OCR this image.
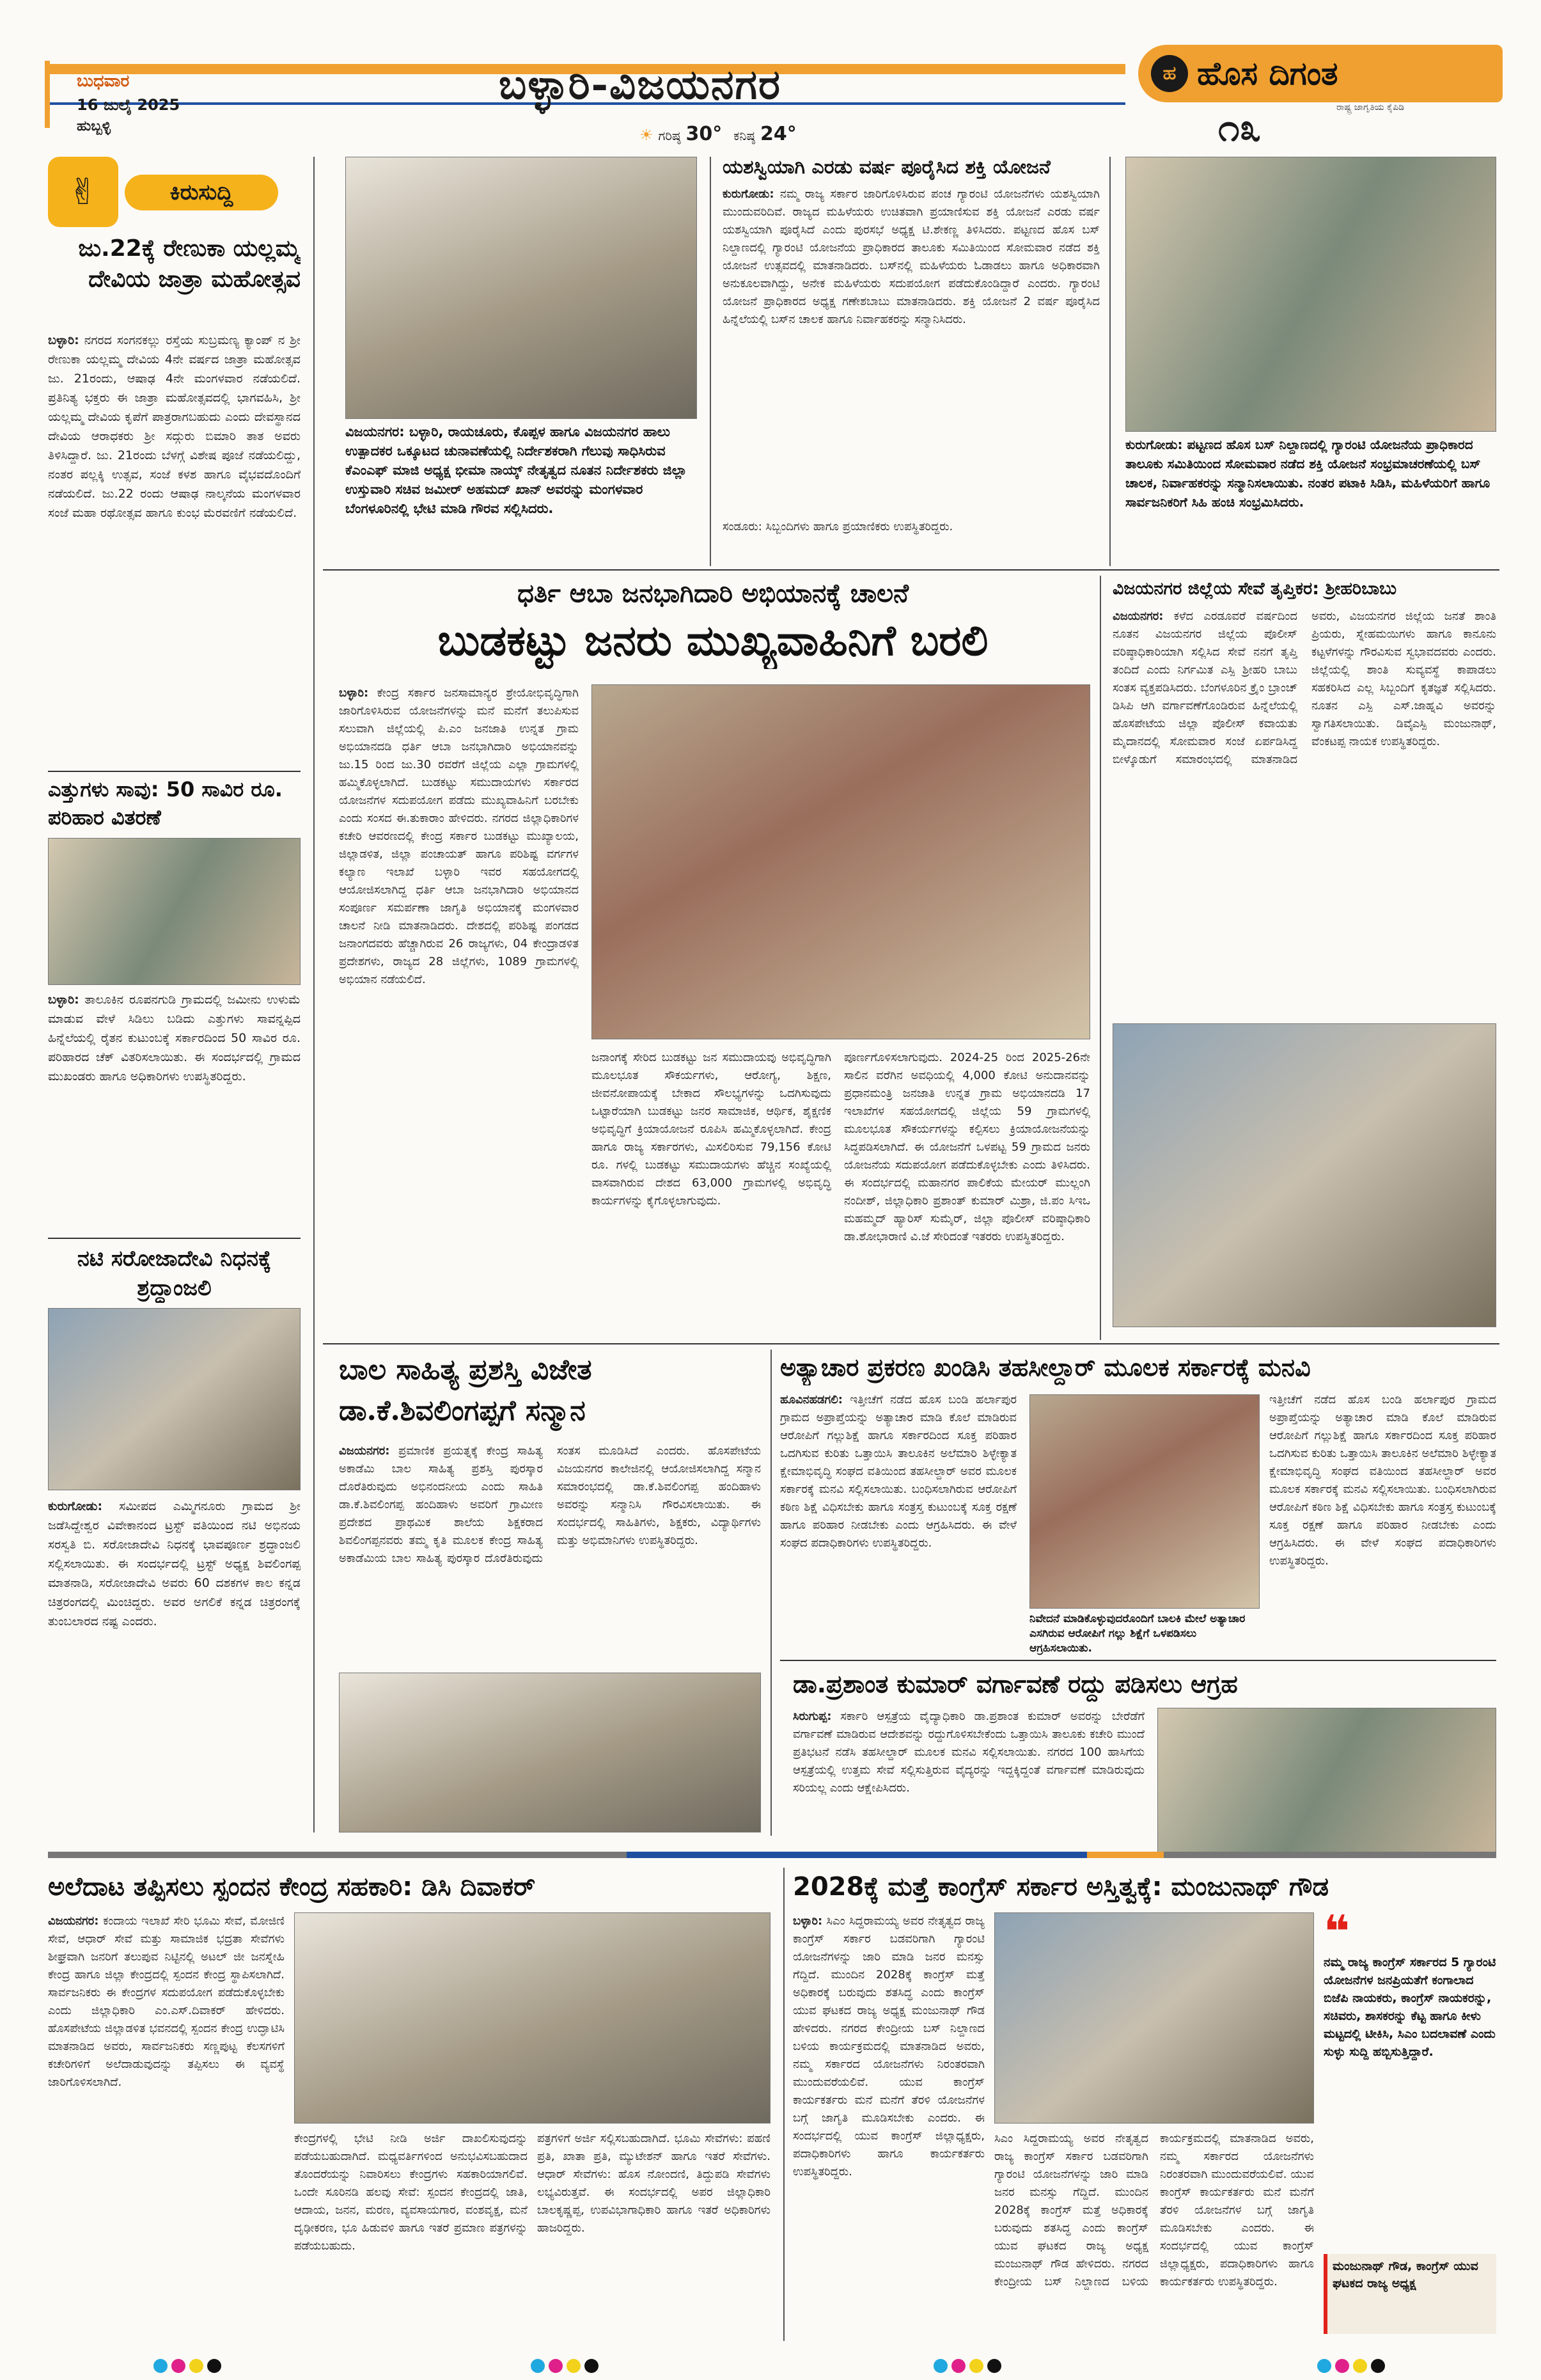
ಬುಧವಾರ
16 ಜುಲೈ 2025
ಹುಬ್ಬಳ್ಳಿ
ಬಳ್ಳಾರಿ-ವಿಜಯನಗರ
☀ ಗರಿಷ್ಠ 30° ಕನಿಷ್ಠ 24°
ಹ ಹೊಸ ದಿಗಂತ
ರಾಷ್ಟ್ರ ಜಾಗೃತಿಯ ಕೈಪಿಡಿ
೧೩
✌	ಕಿರುಸುದ್ದಿ
ಜು.22ಕ್ಕೆ ರೇಣುಕಾ ಯಲ್ಲಮ್ಮ ದೇವಿಯ ಜಾತ್ರಾ ಮಹೋತ್ಸವ
ಬಳ್ಳಾರಿ: ನಗರದ ಸಂಗನಕಲ್ಲು ರಸ್ತೆಯ ಸುಬ್ರಮಣ್ಯ ಕ್ಯಾಂಪ್ ನ ಶ್ರೀ ರೇಣುಕಾ ಯಲ್ಲಮ್ಮ ದೇವಿಯ 4ನೇ ವರ್ಷದ ಜಾತ್ರಾ ಮಹೋತ್ಸವ ಜು. 21ರಂದು, ಆಷಾಢ 4ನೇ ಮಂಗಳವಾರ ನಡೆಯಲಿದೆ. ಪ್ರತಿನಿತ್ಯ ಭಕ್ತರು ಈ ಜಾತ್ರಾ ಮಹೋತ್ಸವದಲ್ಲಿ ಭಾಗವಹಿಸಿ, ಶ್ರೀ ಯಲ್ಲಮ್ಮ ದೇವಿಯ ಕೃಪೆಗೆ ಪಾತ್ರರಾಗಬಹುದು ಎಂದು ದೇವಸ್ಥಾನದ ದೇವಿಯ ಆರಾಧಕರು ಶ್ರೀ ಸದ್ಗುರು ಬಿಮಾರಿ ತಾತ ಅವರು ತಿಳಿಸಿದ್ದಾರೆ. ಜು. 21ರಂದು ಬೆಳಗ್ಗೆ ವಿಶೇಷ ಪೂಜೆ ನಡೆಯಲಿದ್ದು, ನಂತರ ಪಲ್ಲಕ್ಕಿ ಉತ್ಸವ, ಸಂಜೆ ಕಳಶ ಹಾಗೂ ವೈಭವದೊಂದಿಗೆ ನಡೆಯಲಿದೆ. ಜು.22 ರಂದು ಆಷಾಢ ನಾಲ್ಕನೆಯ ಮಂಗಳವಾರ ಸಂಜೆ ಮಹಾ ರಥೋತ್ಸವ ಹಾಗೂ ಕುಂಭ ಮೆರವಣಿಗೆ ನಡೆಯಲಿದೆ.
ಎತ್ತುಗಳು ಸಾವು: 50 ಸಾವಿರ ರೂ. ಪರಿಹಾರ ವಿತರಣೆ
ಬಳ್ಳಾರಿ: ತಾಲೂಕಿನ ರೂಪನಗುಡಿ ಗ್ರಾಮದಲ್ಲಿ ಜಮೀನು ಉಳುಮೆ ಮಾಡುವ ವೇಳೆ ಸಿಡಿಲು ಬಡಿದು ಎತ್ತುಗಳು ಸಾವನ್ನಪ್ಪಿದ ಹಿನ್ನೆಲೆಯಲ್ಲಿ ರೈತನ ಕುಟುಂಬಕ್ಕೆ ಸರ್ಕಾರದಿಂದ 50 ಸಾವಿರ ರೂ. ಪರಿಹಾರದ ಚೆಕ್ ವಿತರಿಸಲಾಯಿತು. ಈ ಸಂದರ್ಭದಲ್ಲಿ ಗ್ರಾಮದ ಮುಖಂಡರು ಹಾಗೂ ಅಧಿಕಾರಿಗಳು ಉಪಸ್ಥಿತರಿದ್ದರು.
ನಟಿ ಸರೋಜಾದೇವಿ ನಿಧನಕ್ಕೆ ಶ್ರದ್ಧಾಂಜಲಿ
ಕುರುಗೋಡು: ಸಮೀಪದ ಎಮ್ಮಿಗನೂರು ಗ್ರಾಮದ ಶ್ರೀ ಜಡೆಸಿದ್ದೇಶ್ವರ ವಿವೇಕಾನಂದ ಟ್ರಸ್ಟ್ ವತಿಯಿಂದ ನಟಿ ಅಭಿನಯ ಸರಸ್ವತಿ ಬಿ. ಸರೋಜಾದೇವಿ ನಿಧನಕ್ಕೆ ಭಾವಪೂರ್ಣ ಶ್ರದ್ಧಾಂಜಲಿ ಸಲ್ಲಿಸಲಾಯಿತು. ಈ ಸಂದರ್ಭದಲ್ಲಿ ಟ್ರಸ್ಟ್ ಅಧ್ಯಕ್ಷ ಶಿವಲಿಂಗಪ್ಪ ಮಾತನಾಡಿ, ಸರೋಜಾದೇವಿ ಅವರು 60 ದಶಕಗಳ ಕಾಲ ಕನ್ನಡ ಚಿತ್ರರಂಗದಲ್ಲಿ ಮಿಂಚಿದ್ದರು. ಅವರ ಅಗಲಿಕೆ ಕನ್ನಡ ಚಿತ್ರರಂಗಕ್ಕೆ ತುಂಬಲಾರದ ನಷ್ಟ ಎಂದರು.
ವಿಜಯನಗರ: ಬಳ್ಳಾರಿ, ರಾಯಚೂರು, ಕೊಪ್ಪಳ ಹಾಗೂ ವಿಜಯನಗರ ಹಾಲು ಉತ್ಪಾದಕರ ಒಕ್ಕೂಟದ ಚುನಾವಣೆಯಲ್ಲಿ ನಿರ್ದೇಶಕರಾಗಿ ಗೆಲುವು ಸಾಧಿಸಿರುವ ಕೆಎಂಎಫ್ ಮಾಜಿ ಅಧ್ಯಕ್ಷ ಭೀಮಾ ನಾಯ್ಕ್ ನೇತೃತ್ವದ ನೂತನ ನಿರ್ದೇಶಕರು ಜಿಲ್ಲಾ ಉಸ್ತುವಾರಿ ಸಚಿವ ಜಮೀರ್ ಅಹಮದ್ ಖಾನ್ ಅವರನ್ನು ಮಂಗಳವಾರ ಬೆಂಗಳೂರಿನಲ್ಲಿ ಭೇಟಿ ಮಾಡಿ ಗೌರವ ಸಲ್ಲಿಸಿದರು.
ಯಶಸ್ವಿಯಾಗಿ ಎರಡು ವರ್ಷ ಪೂರೈಸಿದ ಶಕ್ತಿ ಯೋಜನೆ
ಕುರುಗೋಡು: ನಮ್ಮ ರಾಜ್ಯ ಸರ್ಕಾರ ಜಾರಿಗೊಳಿಸಿರುವ ಪಂಚ ಗ್ಯಾರಂಟಿ ಯೋಜನೆಗಳು ಯಶಸ್ವಿಯಾಗಿ ಮುಂದುವರಿದಿವೆ. ರಾಜ್ಯದ ಮಹಿಳೆಯರು ಉಚಿತವಾಗಿ ಪ್ರಯಾಣಿಸುವ ಶಕ್ತಿ ಯೋಜನೆ ಎರಡು ವರ್ಷ ಯಶಸ್ವಿಯಾಗಿ ಪೂರೈಸಿದೆ ಎಂದು ಪುರಸಭೆ ಅಧ್ಯಕ್ಷ ಟಿ.ಶೇಕಣ್ಣ ತಿಳಿಸಿದರು. ಪಟ್ಟಣದ ಹೊಸ ಬಸ್ ನಿಲ್ದಾಣದಲ್ಲಿ ಗ್ಯಾರಂಟಿ ಯೋಜನೆಯ ಪ್ರಾಧಿಕಾರದ ತಾಲೂಕು ಸಮಿತಿಯಿಂದ ಸೋಮವಾರ ನಡೆದ ಶಕ್ತಿ ಯೋಜನೆ ಉತ್ಸವದಲ್ಲಿ ಮಾತನಾಡಿದರು. ಬಸ್‌ನಲ್ಲಿ ಮಹಿಳೆಯರು ಓಡಾಡಲು ಹಾಗೂ ಅಧಿಕಾರವಾಗಿ ಅನುಕೂಲವಾಗಿದ್ದು, ಅನೇಕ ಮಹಿಳೆಯರು ಸದುಪಯೋಗ ಪಡೆದುಕೊಂಡಿದ್ದಾರೆ ಎಂದರು. ಗ್ಯಾರಂಟಿ ಯೋಜನೆ ಪ್ರಾಧಿಕಾರದ ಅಧ್ಯಕ್ಷ ಗಣೇಶಬಾಬು ಮಾತನಾಡಿದರು. ಶಕ್ತಿ ಯೋಜನೆ 2 ವರ್ಷ ಪೂರೈಸಿದ ಹಿನ್ನೆಲೆಯಲ್ಲಿ ಬಸ್‌ನ ಚಾಲಕ ಹಾಗೂ ನಿರ್ವಾಹಕರನ್ನು ಸನ್ಮಾನಿಸಿದರು.
ಸಂಡೂರು: ಸಿಬ್ಬಂದಿಗಳು ಹಾಗೂ ಪ್ರಯಾಣಿಕರು ಉಪಸ್ಥಿತರಿದ್ದರು.
ಕುರುಗೋಡು: ಪಟ್ಟಣದ ಹೊಸ ಬಸ್ ನಿಲ್ದಾಣದಲ್ಲಿ ಗ್ಯಾರಂಟಿ ಯೋಜನೆಯ ಪ್ರಾಧಿಕಾರದ ತಾಲೂಕು ಸಮಿತಿಯಿಂದ ಸೋಮವಾರ ನಡೆದ ಶಕ್ತಿ ಯೋಜನೆ ಸಂಭ್ರಮಾಚರಣೆಯಲ್ಲಿ ಬಸ್ ಚಾಲಕ, ನಿರ್ವಾಹಕರನ್ನು ಸನ್ಮಾನಿಸಲಾಯಿತು. ನಂತರ ಪಟಾಕಿ ಸಿಡಿಸಿ, ಮಹಿಳೆಯರಿಗೆ ಹಾಗೂ ಸಾರ್ವಜನಿಕರಿಗೆ ಸಿಹಿ ಹಂಚಿ ಸಂಭ್ರಮಿಸಿದರು.
ಧರ್ತಿ ಆಬಾ ಜನಭಾಗಿದಾರಿ ಅಭಿಯಾನಕ್ಕೆ ಚಾಲನೆ
ಬುಡಕಟ್ಟು ಜನರು ಮುಖ್ಯವಾಹಿನಿಗೆ ಬರಲಿ
ಬಳ್ಳಾರಿ: ಕೇಂದ್ರ ಸರ್ಕಾರ ಜನಸಾಮಾನ್ಯರ ಶ್ರೇಯೋಭಿವೃದ್ಧಿಗಾಗಿ ಜಾರಿಗೊಳಿಸಿರುವ ಯೋಜನೆಗಳನ್ನು ಮನೆ ಮನೆಗೆ ತಲುಪಿಸುವ ಸಲುವಾಗಿ ಜಿಲ್ಲೆಯಲ್ಲಿ ಪಿ.ಎಂ ಜನಜಾತಿ ಉನ್ನತ ಗ್ರಾಮ ಅಭಿಯಾನದಡಿ ಧರ್ತಿ ಆಬಾ ಜನಭಾಗಿದಾರಿ ಅಭಿಯಾನವನ್ನು ಜು.15 ರಿಂದ ಜು.30 ರವರೆಗೆ ಜಿಲ್ಲೆಯ ಎಲ್ಲಾ ಗ್ರಾಮಗಳಲ್ಲಿ ಹಮ್ಮಿಕೊಳ್ಳಲಾಗಿದೆ. ಬುಡಕಟ್ಟು ಸಮುದಾಯಗಳು ಸರ್ಕಾರದ ಯೋಜನೆಗಳ ಸದುಪಯೋಗ ಪಡೆದು ಮುಖ್ಯವಾಹಿನಿಗೆ ಬರಬೇಕು ಎಂದು ಸಂಸದ ಈ.ತುಕಾರಾಂ ಹೇಳಿದರು. ನಗರದ ಜಿಲ್ಲಾಧಿಕಾರಿಗಳ ಕಚೇರಿ ಆವರಣದಲ್ಲಿ ಕೇಂದ್ರ ಸರ್ಕಾರ ಬುಡಕಟ್ಟು ಮುಖ್ಯಾಲಯ, ಜಿಲ್ಲಾಡಳಿತ, ಜಿಲ್ಲಾ ಪಂಚಾಯತ್ ಹಾಗೂ ಪರಿಶಿಷ್ಟ ವರ್ಗಗಳ ಕಲ್ಯಾಣ ಇಲಾಖೆ ಬಳ್ಳಾರಿ ಇವರ ಸಹಯೋಗದಲ್ಲಿ ಆಯೋಜಿಸಲಾಗಿದ್ದ ಧರ್ತಿ ಆಬಾ ಜನಭಾಗಿದಾರಿ ಅಭಿಯಾನದ ಸಂಪೂರ್ಣ ಸಮರ್ಪಣಾ ಜಾಗೃತಿ ಅಭಿಯಾನಕ್ಕೆ ಮಂಗಳವಾರ ಚಾಲನೆ ನೀಡಿ ಮಾತನಾಡಿದರು. ದೇಶದಲ್ಲಿ ಪರಿಶಿಷ್ಟ ಪಂಗಡದ ಜನಾಂಗದವರು ಹೆಚ್ಚಾಗಿರುವ 26 ರಾಜ್ಯಗಳು, 04 ಕೇಂದ್ರಾಡಳಿತ ಪ್ರದೇಶಗಳು, ರಾಜ್ಯದ 28 ಜಿಲ್ಲೆಗಳು, 1089 ಗ್ರಾಮಗಳಲ್ಲಿ ಅಭಿಯಾನ ನಡೆಯಲಿದೆ.
ಜನಾಂಗಕ್ಕೆ ಸೇರಿದ ಬುಡಕಟ್ಟು ಜನ ಸಮುದಾಯವು ಅಭಿವೃದ್ಧಿಗಾಗಿ ಮೂಲಭೂತ ಸೌಕರ್ಯಗಳು, ಆರೋಗ್ಯ, ಶಿಕ್ಷಣ, ಜೀವನೋಪಾಯಕ್ಕೆ ಬೇಕಾದ ಸೌಲಭ್ಯಗಳನ್ನು ಒದಗಿಸುವುದು ಒಟ್ಟಾರೆಯಾಗಿ ಬುಡಕಟ್ಟು ಜನರ ಸಾಮಾಜಿಕ, ಆರ್ಥಿಕ, ಶೈಕ್ಷಣಿಕ ಅಭಿವೃದ್ಧಿಗೆ ಕ್ರಿಯಾಯೋಜನೆ ರೂಪಿಸಿ ಹಮ್ಮಿಕೊಳ್ಳಲಾಗಿದೆ. ಕೇಂದ್ರ ಹಾಗೂ ರಾಜ್ಯ ಸರ್ಕಾರಗಳು, ಮಿಸಲಿರಿಸುವ 79,156 ಕೋಟಿ ರೂ. ಗಳಲ್ಲಿ ಬುಡಕಟ್ಟು ಸಮುದಾಯಗಳು ಹೆಚ್ಚಿನ ಸಂಖ್ಯೆಯಲ್ಲಿ ವಾಸವಾಗಿರುವ ದೇಶದ 63,000 ಗ್ರಾಮಗಳಲ್ಲಿ ಅಭಿವೃದ್ಧಿ ಕಾರ್ಯಗಳನ್ನು ಕೈಗೊಳ್ಳಲಾಗುವುದು.
ಪೂರ್ಣಗೊಳಿಸಲಾಗುವುದು. 2024-25 ರಿಂದ 2025-26ನೇ ಸಾಲಿನ ವರೆಗಿನ ಅವಧಿಯಲ್ಲಿ 4,000 ಕೋಟಿ ಅನುದಾನವನ್ನು ಪ್ರಧಾನಮಂತ್ರಿ ಜನಜಾತಿ ಉನ್ನತ ಗ್ರಾಮ ಅಭಿಯಾನದಡಿ 17 ಇಲಾಖೆಗಳ ಸಹಯೋಗದಲ್ಲಿ ಜಿಲ್ಲೆಯ 59 ಗ್ರಾಮಗಳಲ್ಲಿ ಮೂಲಭೂತ ಸೌಕರ್ಯಗಳನ್ನು ಕಲ್ಪಿಸಲು ಕ್ರಿಯಾಯೋಜನೆಯನ್ನು ಸಿದ್ಧಪಡಿಸಲಾಗಿದೆ. ಈ ಯೋಜನೆಗೆ ಒಳಪಟ್ಟ 59 ಗ್ರಾಮದ ಜನರು ಯೋಜನೆಯ ಸದುಪಯೋಗ ಪಡೆದುಕೊಳ್ಳಬೇಕು ಎಂದು ತಿಳಿಸಿದರು. ಈ ಸಂದರ್ಭದಲ್ಲಿ ಮಹಾನಗರ ಪಾಲಿಕೆಯ ಮೇಯರ್ ಮುಲ್ಲಂಗಿ ನಂದೀಶ್, ಜಿಲ್ಲಾಧಿಕಾರಿ ಪ್ರಶಾಂತ್ ಕುಮಾರ್ ಮಿಶ್ರಾ, ಜಿ.ಪಂ ಸಿಇಒ ಮಹಮ್ಮದ್ ಹ್ಯಾರಿಸ್ ಸುಮೈರ್, ಜಿಲ್ಲಾ ಪೊಲೀಸ್ ವರಿಷ್ಠಾಧಿಕಾರಿ ಡಾ.ಶೋಭಾರಾಣಿ ವಿ.ಜೆ ಸೇರಿದಂತೆ ಇತರರು ಉಪಸ್ಥಿತರಿದ್ದರು.
ವಿಜಯನಗರ ಜಿಲ್ಲೆಯ ಸೇವೆ ತೃಪ್ತಿಕರ: ಶ್ರೀಹರಿಬಾಬು
ವಿಜಯನಗರ: ಕಳೆದ ಎರಡೂವರೆ ವರ್ಷದಿಂದ ನೂತನ ವಿಜಯನಗರ ಜಿಲ್ಲೆಯ ಪೊಲೀಸ್ ವರಿಷ್ಠಾಧಿಕಾರಿಯಾಗಿ ಸಲ್ಲಿಸಿದ ಸೇವೆ ನನಗೆ ತೃಪ್ತಿ ತಂದಿದೆ ಎಂದು ನಿರ್ಗಮಿತ ಎಸ್ಪಿ ಶ್ರೀಹರಿ ಬಾಬು ಸಂತಸ ವ್ಯಕ್ತಪಡಿಸಿದರು. ಬೆಂಗಳೂರಿನ ಕ್ರೈಂ ಬ್ರಾಂಚ್ ಡಿಸಿಪಿ ಆಗಿ ವರ್ಗಾವಣೆಗೊಂಡಿರುವ ಹಿನ್ನೆಲೆಯಲ್ಲಿ ಹೊಸಪೇಟೆಯ ಜಿಲ್ಲಾ ಪೊಲೀಸ್ ಕವಾಯತು ಮೈದಾನದಲ್ಲಿ ಸೋಮವಾರ ಸಂಜೆ ಏರ್ಪಡಿಸಿದ್ದ ಬೀಳ್ಕೊಡುಗೆ ಸಮಾರಂಭದಲ್ಲಿ ಮಾತನಾಡಿದ ಅವರು, ವಿಜಯನಗರ ಜಿಲ್ಲೆಯ ಜನತೆ ಶಾಂತಿ ಪ್ರಿಯರು, ಸ್ನೇಹಮಯಿಗಳು ಹಾಗೂ ಕಾನೂನು ಕಟ್ಟಳೆಗಳನ್ನು ಗೌರವಿಸುವ ಸ್ವಭಾವದವರು ಎಂದರು. ಜಿಲ್ಲೆಯಲ್ಲಿ ಶಾಂತಿ ಸುವ್ಯವಸ್ಥೆ ಕಾಪಾಡಲು ಸಹಕರಿಸಿದ ಎಲ್ಲ ಸಿಬ್ಬಂದಿಗೆ ಕೃತಜ್ಞತೆ ಸಲ್ಲಿಸಿದರು. ನೂತನ ಎಸ್ಪಿ ಎಸ್.ಜಾಹ್ನವಿ ಅವರನ್ನು ಸ್ವಾಗತಿಸಲಾಯಿತು. ಡಿವೈಎಸ್ಪಿ ಮಂಜುನಾಥ್, ವೆಂಕಟಪ್ಪ ನಾಯಕ ಉಪಸ್ಥಿತರಿದ್ದರು.
ಬಾಲ ಸಾಹಿತ್ಯ ಪ್ರಶಸ್ತಿ ವಿಜೇತ ಡಾ.ಕೆ.ಶಿವಲಿಂಗಪ್ಪಗೆ ಸನ್ಮಾನ
ವಿಜಯನಗರ: ಪ್ರಮಾಣಿಕ ಪ್ರಯತ್ನಕ್ಕೆ ಕೇಂದ್ರ ಸಾಹಿತ್ಯ ಅಕಾಡೆಮಿ ಬಾಲ ಸಾಹಿತ್ಯ ಪ್ರಶಸ್ತಿ ಪುರಸ್ಕಾರ ದೊರೆತಿರುವುದು ಅಭಿನಂದನೀಯ ಎಂದು ಸಾಹಿತಿ ಡಾ.ಕೆ.ಶಿವಲಿಂಗಪ್ಪ ಹಂದಿಹಾಳು ಅವರಿಗೆ ಗ್ರಾಮೀಣ ಪ್ರದೇಶದ ಪ್ರಾಥಮಿಕ ಶಾಲೆಯ ಶಿಕ್ಷಕರಾದ ಶಿವಲಿಂಗಪ್ಪನವರು ತಮ್ಮ ಕೃತಿ ಮೂಲಕ ಕೇಂದ್ರ ಸಾಹಿತ್ಯ ಅಕಾಡೆಮಿಯ ಬಾಲ ಸಾಹಿತ್ಯ ಪುರಸ್ಕಾರ ದೊರೆತಿರುವುದು ಸಂತಸ ಮೂಡಿಸಿದೆ ಎಂದರು. ಹೊಸಪೇಟೆಯ ವಿಜಯನಗರ ಕಾಲೇಜಿನಲ್ಲಿ ಆಯೋಜಿಸಲಾಗಿದ್ದ ಸನ್ಮಾನ ಸಮಾರಂಭದಲ್ಲಿ ಡಾ.ಕೆ.ಶಿವಲಿಂಗಪ್ಪ ಹಂದಿಹಾಳು ಅವರನ್ನು ಸನ್ಮಾನಿಸಿ ಗೌರವಿಸಲಾಯಿತು. ಈ ಸಂದರ್ಭದಲ್ಲಿ ಸಾಹಿತಿಗಳು, ಶಿಕ್ಷಕರು, ವಿದ್ಯಾರ್ಥಿಗಳು ಮತ್ತು ಅಭಿಮಾನಿಗಳು ಉಪಸ್ಥಿತರಿದ್ದರು.
ಅತ್ಯಾಚಾರ ಪ್ರಕರಣ ಖಂಡಿಸಿ ತಹಸೀಲ್ದಾರ್ ಮೂಲಕ ಸರ್ಕಾರಕ್ಕೆ ಮನವಿ
ಹೂವಿನಹಡಗಲಿ: ಇತ್ತೀಚೆಗೆ ನಡೆದ ಹೊಸ ಬಂಡಿ ಹರ್ಲಾಪುರ ಗ್ರಾಮದ ಅಪ್ರಾಪ್ತೆಯನ್ನು ಅತ್ಯಾಚಾರ ಮಾಡಿ ಕೊಲೆ ಮಾಡಿರುವ ಆರೋಪಿಗೆ ಗಲ್ಲುಶಿಕ್ಷೆ ಹಾಗೂ ಸರ್ಕಾರದಿಂದ ಸೂಕ್ತ ಪರಿಹಾರ ಒದಗಿಸುವ ಕುರಿತು ಒತ್ತಾಯಿಸಿ ತಾಲೂಕಿನ ಅಲೆಮಾರಿ ಶಿಳ್ಳೇಕ್ಯಾತ ಕ್ಷೇಮಾಭಿವೃದ್ಧಿ ಸಂಘದ ವತಿಯಿಂದ ತಹಸೀಲ್ದಾರ್ ಅವರ ಮೂಲಕ ಸರ್ಕಾರಕ್ಕೆ ಮನವಿ ಸಲ್ಲಿಸಲಾಯಿತು. ಬಂಧಿಸಲಾಗಿರುವ ಆರೋಪಿಗೆ ಕಠಿಣ ಶಿಕ್ಷೆ ವಿಧಿಸಬೇಕು ಹಾಗೂ ಸಂತ್ರಸ್ತ ಕುಟುಂಬಕ್ಕೆ ಸೂಕ್ತ ರಕ್ಷಣೆ ಹಾಗೂ ಪರಿಹಾರ ನೀಡಬೇಕು ಎಂದು ಆಗ್ರಹಿಸಿದರು. ಈ ವೇಳೆ ಸಂಘದ ಪದಾಧಿಕಾರಿಗಳು ಉಪಸ್ಥಿತರಿದ್ದರು.
ನಿವೇದನೆ ಮಾಡಿಕೊಳ್ಳುವುದರೊಂದಿಗೆ ಬಾಲಕಿ ಮೇಲೆ ಅತ್ಯಾಚಾರ ಎಸಗಿರುವ ಆರೋಪಿಗೆ ಗಲ್ಲು ಶಿಕ್ಷೆಗೆ ಒಳಪಡಿಸಲು ಆಗ್ರಹಿಸಲಾಯಿತು.
ಇತ್ತೀಚೆಗೆ ನಡೆದ ಹೊಸ ಬಂಡಿ ಹರ್ಲಾಪುರ ಗ್ರಾಮದ ಅಪ್ರಾಪ್ತೆಯನ್ನು ಅತ್ಯಾಚಾರ ಮಾಡಿ ಕೊಲೆ ಮಾಡಿರುವ ಆರೋಪಿಗೆ ಗಲ್ಲುಶಿಕ್ಷೆ ಹಾಗೂ ಸರ್ಕಾರದಿಂದ ಸೂಕ್ತ ಪರಿಹಾರ ಒದಗಿಸುವ ಕುರಿತು ಒತ್ತಾಯಿಸಿ ತಾಲೂಕಿನ ಅಲೆಮಾರಿ ಶಿಳ್ಳೇಕ್ಯಾತ ಕ್ಷೇಮಾಭಿವೃದ್ಧಿ ಸಂಘದ ವತಿಯಿಂದ ತಹಸೀಲ್ದಾರ್ ಅವರ ಮೂಲಕ ಸರ್ಕಾರಕ್ಕೆ ಮನವಿ ಸಲ್ಲಿಸಲಾಯಿತು. ಬಂಧಿಸಲಾಗಿರುವ ಆರೋಪಿಗೆ ಕಠಿಣ ಶಿಕ್ಷೆ ವಿಧಿಸಬೇಕು ಹಾಗೂ ಸಂತ್ರಸ್ತ ಕುಟುಂಬಕ್ಕೆ ಸೂಕ್ತ ರಕ್ಷಣೆ ಹಾಗೂ ಪರಿಹಾರ ನೀಡಬೇಕು ಎಂದು ಆಗ್ರಹಿಸಿದರು. ಈ ವೇಳೆ ಸಂಘದ ಪದಾಧಿಕಾರಿಗಳು ಉಪಸ್ಥಿತರಿದ್ದರು.
ಡಾ.ಪ್ರಶಾಂತ ಕುಮಾರ್ ವರ್ಗಾವಣೆ ರದ್ದು ಪಡಿಸಲು ಆಗ್ರಹ
ಸಿರುಗುಪ್ಪ: ಸರ್ಕಾರಿ ಆಸ್ಪತ್ರೆಯ ವೈದ್ಯಾಧಿಕಾರಿ ಡಾ.ಪ್ರಶಾಂತ ಕುಮಾರ್ ಅವರನ್ನು ಬೇರೆಡೆಗೆ ವರ್ಗಾವಣೆ ಮಾಡಿರುವ ಆದೇಶವನ್ನು ರದ್ದುಗೊಳಿಸಬೇಕೆಂದು ಒತ್ತಾಯಿಸಿ ತಾಲೂಕು ಕಚೇರಿ ಮುಂದೆ ಪ್ರತಿಭಟನೆ ನಡೆಸಿ ತಹಸೀಲ್ದಾರ್ ಮೂಲಕ ಮನವಿ ಸಲ್ಲಿಸಲಾಯಿತು. ನಗರದ 100 ಹಾಸಿಗೆಯ ಆಸ್ಪತ್ರೆಯಲ್ಲಿ ಉತ್ತಮ ಸೇವೆ ಸಲ್ಲಿಸುತ್ತಿರುವ ವೈದ್ಯರನ್ನು ಇದ್ದಕ್ಕಿದ್ದಂತೆ ವರ್ಗಾವಣೆ ಮಾಡಿರುವುದು ಸರಿಯಲ್ಲ ಎಂದು ಆಕ್ಷೇಪಿಸಿದರು.
ಅಲೆದಾಟ ತಪ್ಪಿಸಲು ಸ್ಪಂದನ ಕೇಂದ್ರ ಸಹಕಾರಿ: ಡಿಸಿ ದಿವಾಕರ್
ವಿಜಯನಗರ: ಕಂದಾಯ ಇಲಾಖೆ ಸೇರಿ ಭೂಮಿ ಸೇವೆ, ಮೋಜಿಣಿ ಸೇವೆ, ಆಧಾರ್ ಸೇವೆ ಮತ್ತು ಸಾಮಾಜಿಕ ಭದ್ರತಾ ಸೇವೆಗಳು ಶೀಘ್ರವಾಗಿ ಜನರಿಗೆ ತಲುಪುವ ನಿಟ್ಟಿನಲ್ಲಿ ಅಟಲ್ ಜೀ ಜನಸ್ನೇಹಿ ಕೇಂದ್ರ ಹಾಗೂ ಜಿಲ್ಲಾ ಕೇಂದ್ರದಲ್ಲಿ ಸ್ಪಂದನ ಕೇಂದ್ರ ಸ್ಥಾಪಿಸಲಾಗಿದೆ. ಸಾರ್ವಜನಿಕರು ಈ ಕೇಂದ್ರಗಳ ಸದುಪಯೋಗ ಪಡೆದುಕೊಳ್ಳಬೇಕು ಎಂದು ಜಿಲ್ಲಾಧಿಕಾರಿ ಎಂ.ಎಸ್.ದಿವಾಕರ್ ಹೇಳಿದರು. ಹೊಸಪೇಟೆಯ ಜಿಲ್ಲಾಡಳಿತ ಭವನದಲ್ಲಿ ಸ್ಪಂದನ ಕೇಂದ್ರ ಉದ್ಘಾಟಿಸಿ ಮಾತನಾಡಿದ ಅವರು, ಸಾರ್ವಜನಿಕರು ಸಣ್ಣಪುಟ್ಟ ಕೆಲಸಗಳಿಗೆ ಕಚೇರಿಗಳಿಗೆ ಅಲೆದಾಡುವುದನ್ನು ತಪ್ಪಿಸಲು ಈ ವ್ಯವಸ್ಥೆ ಜಾರಿಗೊಳಿಸಲಾಗಿದೆ.
ಕೇಂದ್ರಗಳಲ್ಲಿ ಭೇಟಿ ನೀಡಿ ಅರ್ಜಿ ದಾಖಲಿಸುವುದನ್ನು ಪಡೆಯಬಹುದಾಗಿದೆ. ಮಧ್ಯವರ್ತಿಗಳಿಂದ ಅನುಭವಿಸಬಹುದಾದ ತೊಂದರೆಯನ್ನು ನಿವಾರಿಸಲು ಕೇಂದ್ರಗಳು ಸಹಕಾರಿಯಾಗಲಿವೆ. ಒಂದೇ ಸೂರಿನಡಿ ಹಲವು ಸೇವೆ: ಸ್ಪಂದನ ಕೇಂದ್ರದಲ್ಲಿ ಜಾತಿ, ಆದಾಯ, ಜನನ, ಮರಣ, ವ್ಯವಸಾಯಗಾರ, ವಂಶವೃಕ್ಷ, ಮನೆ ದೃಢೀಕರಣ, ಭೂ ಹಿಡುವಳಿ ಹಾಗೂ ಇತರೆ ಪ್ರಮಾಣ ಪತ್ರಗಳನ್ನು ಪಡೆಯಬಹುದು.
ಪತ್ರಗಳಿಗೆ ಅರ್ಜಿ ಸಲ್ಲಿಸಬಹುದಾಗಿದೆ. ಭೂಮಿ ಸೇವೆಗಳು: ಪಹಣಿ ಪ್ರತಿ, ಖಾತಾ ಪ್ರತಿ, ಮ್ಯುಟೇಶನ್ ಹಾಗೂ ಇತರೆ ಸೇವೆಗಳು. ಆಧಾರ್ ಸೇವೆಗಳು: ಹೊಸ ನೋಂದಣಿ, ತಿದ್ದುಪಡಿ ಸೇವೆಗಳು ಲಭ್ಯವಿರುತ್ತವೆ. ಈ ಸಂದರ್ಭದಲ್ಲಿ ಅಪರ ಜಿಲ್ಲಾಧಿಕಾರಿ ಬಾಲಕೃಷ್ಣಪ್ಪ, ಉಪವಿಭಾಗಾಧಿಕಾರಿ ಹಾಗೂ ಇತರೆ ಅಧಿಕಾರಿಗಳು ಹಾಜರಿದ್ದರು.
2028ಕ್ಕೆ ಮತ್ತೆ ಕಾಂಗ್ರೆಸ್ ಸರ್ಕಾರ ಅಸ್ತಿತ್ವಕ್ಕೆ: ಮಂಜುನಾಥ್ ಗೌಡ
ಬಳ್ಳಾರಿ: ಸಿಎಂ ಸಿದ್ದರಾಮಯ್ಯ ಅವರ ನೇತೃತ್ವದ ರಾಜ್ಯ ಕಾಂಗ್ರೆಸ್ ಸರ್ಕಾರ ಬಡವರಿಗಾಗಿ ಗ್ಯಾರಂಟಿ ಯೋಜನೆಗಳನ್ನು ಜಾರಿ ಮಾಡಿ ಜನರ ಮನಸ್ಸು ಗೆದ್ದಿದೆ. ಮುಂದಿನ 2028ಕ್ಕೆ ಕಾಂಗ್ರೆಸ್ ಮತ್ತೆ ಅಧಿಕಾರಕ್ಕೆ ಬರುವುದು ಶತಸಿದ್ಧ ಎಂದು ಕಾಂಗ್ರೆಸ್ ಯುವ ಘಟಕದ ರಾಜ್ಯ ಅಧ್ಯಕ್ಷ ಮಂಜುನಾಥ್ ಗೌಡ ಹೇಳಿದರು. ನಗರದ ಕೇಂದ್ರೀಯ ಬಸ್ ನಿಲ್ದಾಣದ ಬಳಿಯ ಕಾರ್ಯಕ್ರಮದಲ್ಲಿ ಮಾತನಾಡಿದ ಅವರು, ನಮ್ಮ ಸರ್ಕಾರದ ಯೋಜನೆಗಳು ನಿರಂತರವಾಗಿ ಮುಂದುವರೆಯಲಿವೆ. ಯುವ ಕಾಂಗ್ರೆಸ್ ಕಾರ್ಯಕರ್ತರು ಮನೆ ಮನೆಗೆ ತೆರಳಿ ಯೋಜನೆಗಳ ಬಗ್ಗೆ ಜಾಗೃತಿ ಮೂಡಿಸಬೇಕು ಎಂದರು. ಈ ಸಂದರ್ಭದಲ್ಲಿ ಯುವ ಕಾಂಗ್ರೆಸ್ ಜಿಲ್ಲಾಧ್ಯಕ್ಷರು, ಪದಾಧಿಕಾರಿಗಳು ಹಾಗೂ ಕಾರ್ಯಕರ್ತರು ಉಪಸ್ಥಿತರಿದ್ದರು.
ಸಿಎಂ ಸಿದ್ದರಾಮಯ್ಯ ಅವರ ನೇತೃತ್ವದ ರಾಜ್ಯ ಕಾಂಗ್ರೆಸ್ ಸರ್ಕಾರ ಬಡವರಿಗಾಗಿ ಗ್ಯಾರಂಟಿ ಯೋಜನೆಗಳನ್ನು ಜಾರಿ ಮಾಡಿ ಜನರ ಮನಸ್ಸು ಗೆದ್ದಿದೆ. ಮುಂದಿನ 2028ಕ್ಕೆ ಕಾಂಗ್ರೆಸ್ ಮತ್ತೆ ಅಧಿಕಾರಕ್ಕೆ ಬರುವುದು ಶತಸಿದ್ಧ ಎಂದು ಕಾಂಗ್ರೆಸ್ ಯುವ ಘಟಕದ ರಾಜ್ಯ ಅಧ್ಯಕ್ಷ ಮಂಜುನಾಥ್ ಗೌಡ ಹೇಳಿದರು. ನಗರದ ಕೇಂದ್ರೀಯ ಬಸ್ ನಿಲ್ದಾಣದ ಬಳಿಯ ಕಾರ್ಯಕ್ರಮದಲ್ಲಿ ಮಾತನಾಡಿದ ಅವರು, ನಮ್ಮ ಸರ್ಕಾರದ ಯೋಜನೆಗಳು ನಿರಂತರವಾಗಿ ಮುಂದುವರೆಯಲಿವೆ. ಯುವ ಕಾಂಗ್ರೆಸ್ ಕಾರ್ಯಕರ್ತರು ಮನೆ ಮನೆಗೆ ತೆರಳಿ ಯೋಜನೆಗಳ ಬಗ್ಗೆ ಜಾಗೃತಿ ಮೂಡಿಸಬೇಕು ಎಂದರು. ಈ ಸಂದರ್ಭದಲ್ಲಿ ಯುವ ಕಾಂಗ್ರೆಸ್ ಜಿಲ್ಲಾಧ್ಯಕ್ಷರು, ಪದಾಧಿಕಾರಿಗಳು ಹಾಗೂ ಕಾರ್ಯಕರ್ತರು ಉಪಸ್ಥಿತರಿದ್ದರು.
❝
ನಮ್ಮ ರಾಜ್ಯ ಕಾಂಗ್ರೆಸ್ ಸರ್ಕಾರದ 5 ಗ್ಯಾರಂಟಿ ಯೋಜನೆಗಳ ಜನಪ್ರಿಯತೆಗೆ ಕಂಗಾಲಾದ ಬಿಜೆಪಿ ನಾಯಕರು, ಕಾಂಗ್ರೆಸ್ ನಾಯಕರನ್ನು, ಸಚಿವರು, ಶಾಸಕರನ್ನು ಕೆಟ್ಟ ಹಾಗೂ ಕೀಳು ಮಟ್ಟದಲ್ಲಿ ಟೀಕಿಸಿ, ಸಿಎಂ ಬದಲಾವಣೆ ಎಂದು ಸುಳ್ಳು ಸುದ್ದಿ ಹಬ್ಬಿಸುತ್ತಿದ್ದಾರೆ.
ಮಂಜುನಾಥ್ ಗೌಡ, ಕಾಂಗ್ರೆಸ್ ಯುವ ಘಟಕದ ರಾಜ್ಯ ಅಧ್ಯಕ್ಷ
